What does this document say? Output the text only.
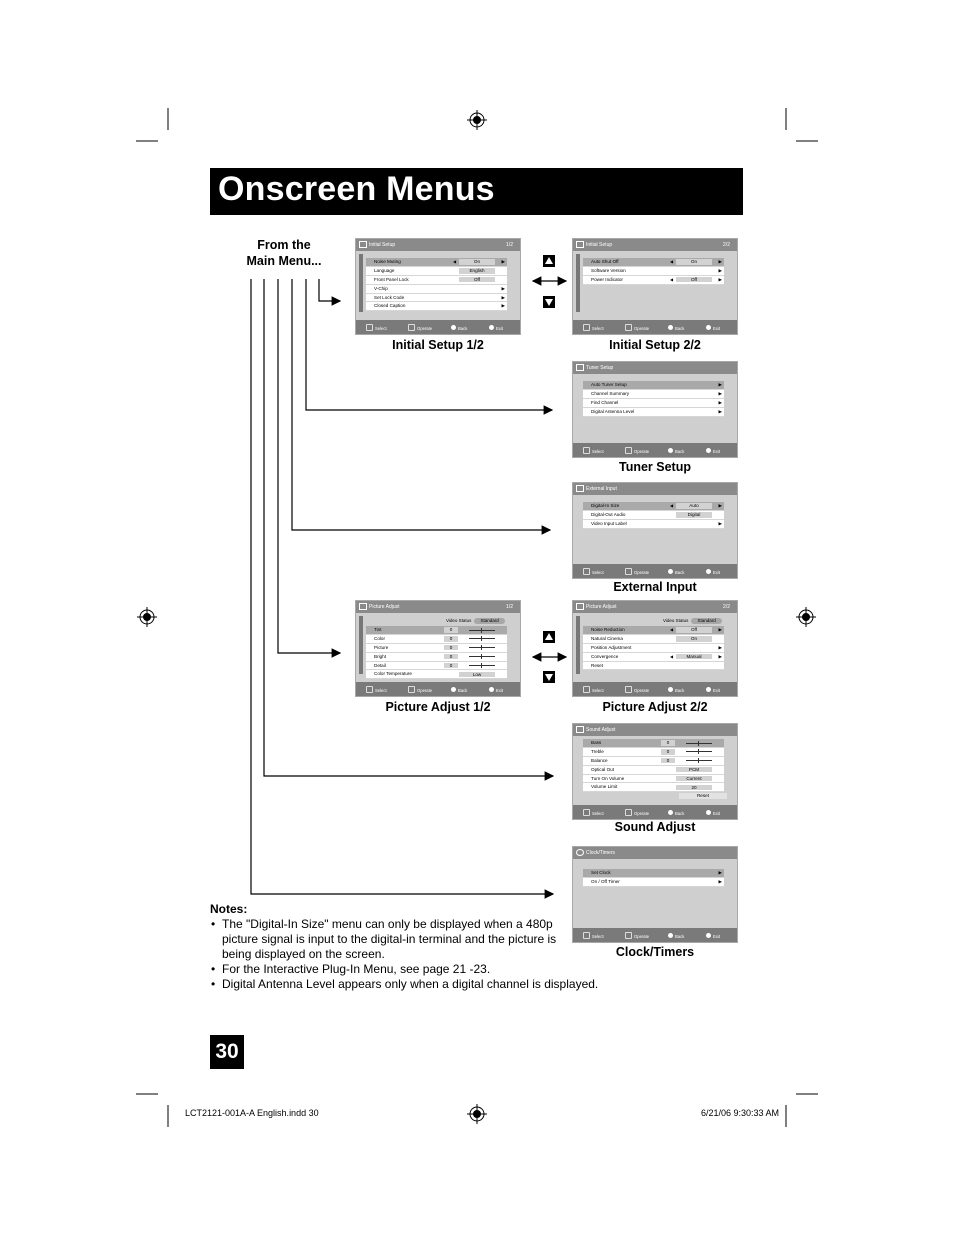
Onscreen Menus
From the
Main Menu...
Initial Setup	1/2
Noise Muting	◀	On	▶
Language	English
Front Panel Lock	Off
V-Chip	▶
Set Lock Code	▶
Closed Caption	▶
Select	Operate	Back	Exit
Initial Setup 1/2
Initial Setup	2/2
Auto Shut Off	◀	On	▶
Software Version	▶
Power Indicator	◀	Off	▶
Select	Operate	Back	Exit
Initial Setup 2/2
Tuner Setup
Auto Tuner Setup	▶
Channel Summary	▶
Find Channel	▶
Digital Antenna Level	▶
Select	Operate	Back	Exit
Tuner Setup
External Input
Digital-In Size	◀	Auto	▶
Digital-Out Audio	Digital
Video Input Label	▶
Select	Operate	Back	Exit
External Input
Picture Adjust	1/2
Video Status Standard
Tint	0
Color	0
Picture	0
Bright	0
Detail	0
Color Temperature	Low
Select	Operate	Back	Exit
Picture Adjust 1/2
Picture Adjust	2/2
Video Status Standard
Noise Reduction	◀	Off	▶
Natural Cinema	On
Position Adjustment	▶
Convergence	◀	Manual	▶
Reset
Select	Operate	Back	Exit
Picture Adjust 2/2
Sound Adjust
Bass	0
Treble	0
Balance	0
Optical Out	PCM
Turn On Volume	Current
Volume Limit	20
Reset
Select	Operate	Back	Exit
Sound Adjust
Clock/Timers
Set Clock	▶
On / Off Timer	▶
Select	Operate	Back	Exit
Clock/Timers
Notes:
• The "Digital-In Size" menu can only be displayed when a 480p picture signal is input to the digital-in terminal and the picture is being displayed on the screen.
• For the Interactive Plug-In Menu, see page 21 -23.
• Digital Antenna Level appears only when a digital channel is displayed.
30
LCT2121-001A-A English.indd 30	6/21/06 9:30:33 AM
